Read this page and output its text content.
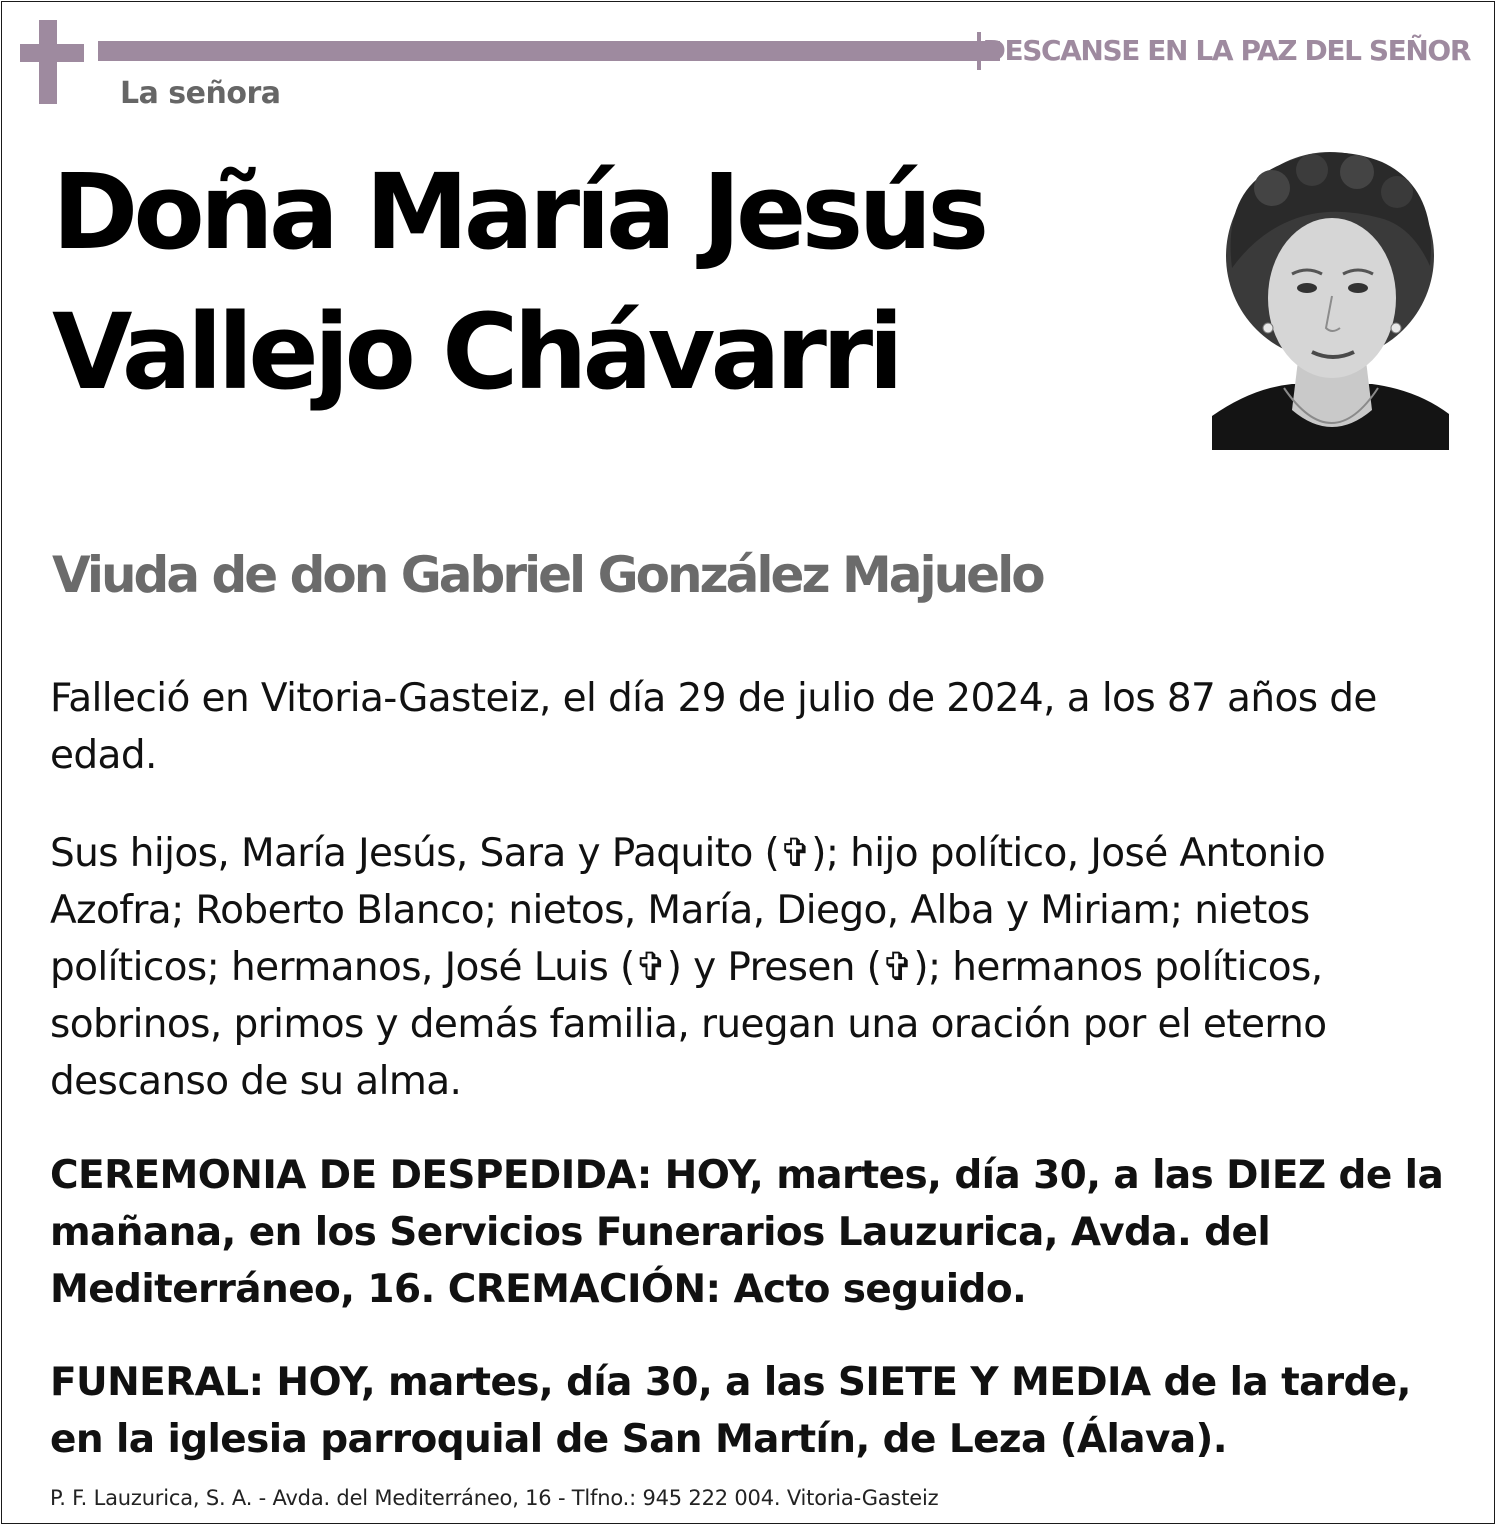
DESCANSE EN LA PAZ DEL SEÑOR
La señora
Doña María Jesús
Vallejo Chávarri
Viuda de don Gabriel González Majuelo

Falleció en Vitoria-Gasteiz, el día 29 de julio de 2024, a los 87 años de edad.

Sus hijos, María Jesús, Sara y Paquito (✞); hijo político, José Antonio Azofra; Roberto Blanco; nietos, María, Diego, Alba y Miriam; nietos políticos; hermanos, José Luis (✞) y Presen (✞); hermanos políticos, sobrinos, primos y demás familia, ruegan una oración por el eterno descanso de su alma.

CEREMONIA DE DESPEDIDA: HOY, martes, día 30, a las DIEZ de la mañana, en los Servicios Funerarios Lauzurica, Avda. del Mediterráneo, 16. CREMACIÓN: Acto seguido.

FUNERAL: HOY, martes, día 30, a las SIETE Y MEDIA de la tarde, en la iglesia parroquial de San Martín, de Leza (Álava).

P. F. Lauzurica, S. A. - Avda. del Mediterráneo, 16 - Tlfno.: 945 222 004. Vitoria-Gasteiz
